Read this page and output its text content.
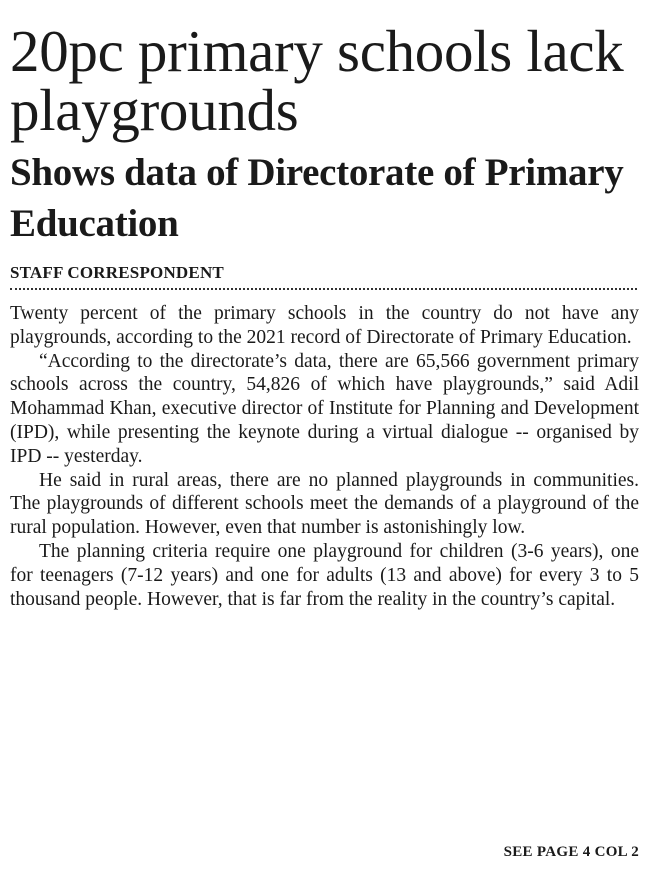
20pc primary schools lack playgrounds
Shows data of Directorate of Primary Education
STAFF CORRESPONDENT

Twenty percent of the primary schools in the country do not have any playgrounds, according to the 2021 record of Directorate of Primary Education.

“According to the directorate’s data, there are 65,566 government primary schools across the country, 54,826 of which have playgrounds,” said Adil Mohammad Khan, executive director of Institute for Planning and Development (IPD), while presenting the keynote during a virtual dialogue -- organised by IPD -- yesterday.

He said in rural areas, there are no planned playgrounds in communities. The playgrounds of different schools meet the demands of a playground of the rural population. However, even that number is astonishingly low.

The planning criteria require one playground for children (3-6 years), one for teenagers (7-12 years) and one for adults (13 and above) for every 3 to 5 thousand people. However, that is far from the reality in the country’s capital.

SEE PAGE 4 COL 2
